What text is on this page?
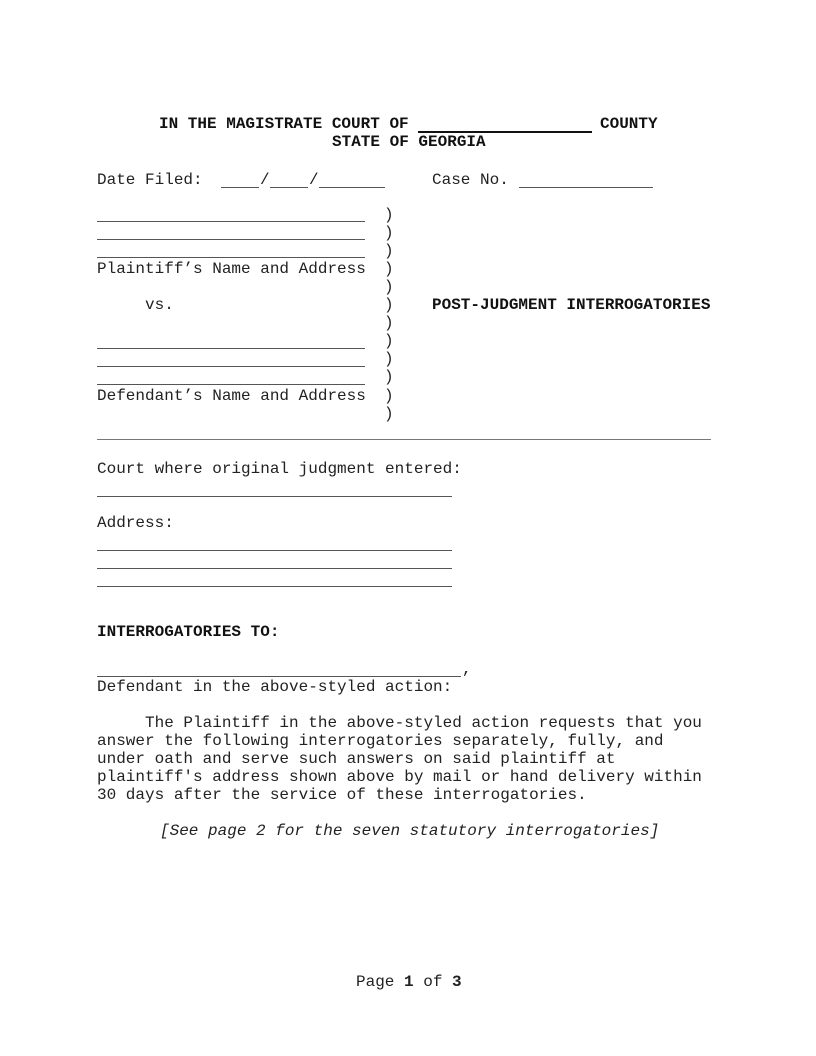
IN THE MAGISTRATE COURT OF	COUNTY
STATE OF GEORGIA
Date Filed:	/ /	Case No.
Plaintiff’s Name and Address
vs.
Defendant’s Name and Address
)
)
)
)
)
)
)
)
)
)
)
)
POST-JUDGMENT INTERROGATORIES
Court where original judgment entered:
Address:
INTERROGATORIES TO:
,
Defendant in the above-styled action:
The Plaintiff in the above-styled action requests that you
answer the following interrogatories separately, fully, and
under oath and serve such answers on said plaintiff at
plaintiff's address shown above by mail or hand delivery within
30 days after the service of these interrogatories.
[See page 2 for the seven statutory interrogatories]
Page 1 of 3
